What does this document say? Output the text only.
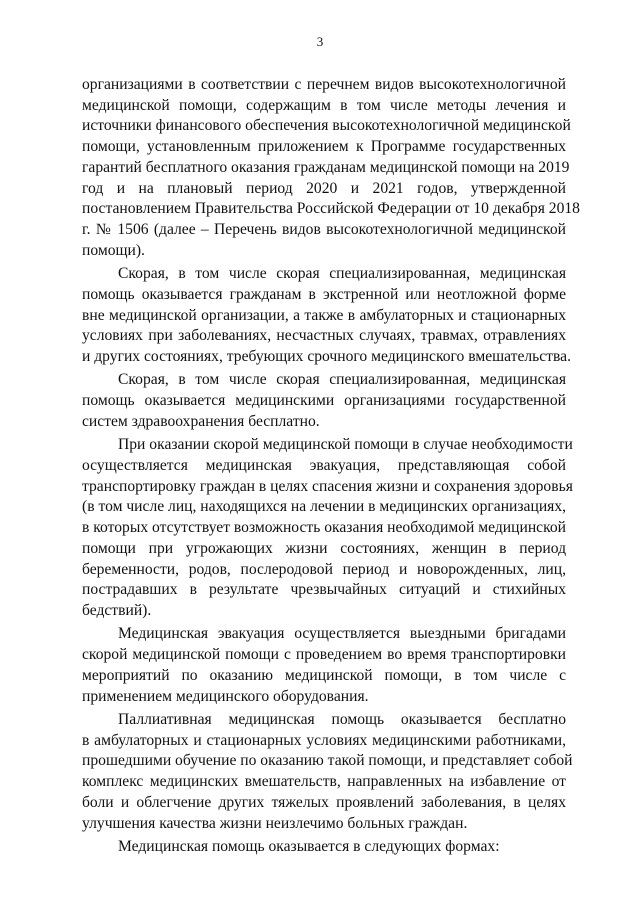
3
организациями в соответствии с перечнем видов высокотехнологичной
медицинской помощи, содержащим в том числе методы лечения и
источники финансового обеспечения высокотехнологичной медицинской
помощи, установленным приложением к Программе государственных
гарантий бесплатного оказания гражданам медицинской помощи на 2019
год и на плановый период 2020 и 2021 годов, утвержденной
постановлением Правительства Российской Федерации от 10 декабря 2018
г. № 1506 (далее – Перечень видов высокотехнологичной медицинской
помощи).
Скорая, в том числе скорая специализированная, медицинская
помощь оказывается гражданам в экстренной или неотложной форме
вне медицинской организации, а также в амбулаторных и стационарных
условиях при заболеваниях, несчастных случаях, травмах, отравлениях
и других состояниях, требующих срочного медицинского вмешательства.
Скорая, в том числе скорая специализированная, медицинская
помощь оказывается медицинскими организациями государственной
систем здравоохранения бесплатно.
При оказании скорой медицинской помощи в случае необходимости
осуществляется медицинская эвакуация, представляющая собой
транспортировку граждан в целях спасения жизни и сохранения здоровья
(в том числе лиц, находящихся на лечении в медицинских организациях,
в которых отсутствует возможность оказания необходимой медицинской
помощи при угрожающих жизни состояниях, женщин в период
беременности, родов, послеродовой период и новорожденных, лиц,
пострадавших в результате чрезвычайных ситуаций и стихийных
бедствий).
Медицинская эвакуация осуществляется выездными бригадами
скорой медицинской помощи с проведением во время транспортировки
мероприятий по оказанию медицинской помощи, в том числе с
применением медицинского оборудования.
Паллиативная медицинская помощь оказывается бесплатно
в амбулаторных и стационарных условиях медицинскими работниками,
прошедшими обучение по оказанию такой помощи, и представляет собой
комплекс медицинских вмешательств, направленных на избавление от
боли и облегчение других тяжелых проявлений заболевания, в целях
улучшения качества жизни неизлечимо больных граждан.
Медицинская помощь оказывается в следующих формах:
